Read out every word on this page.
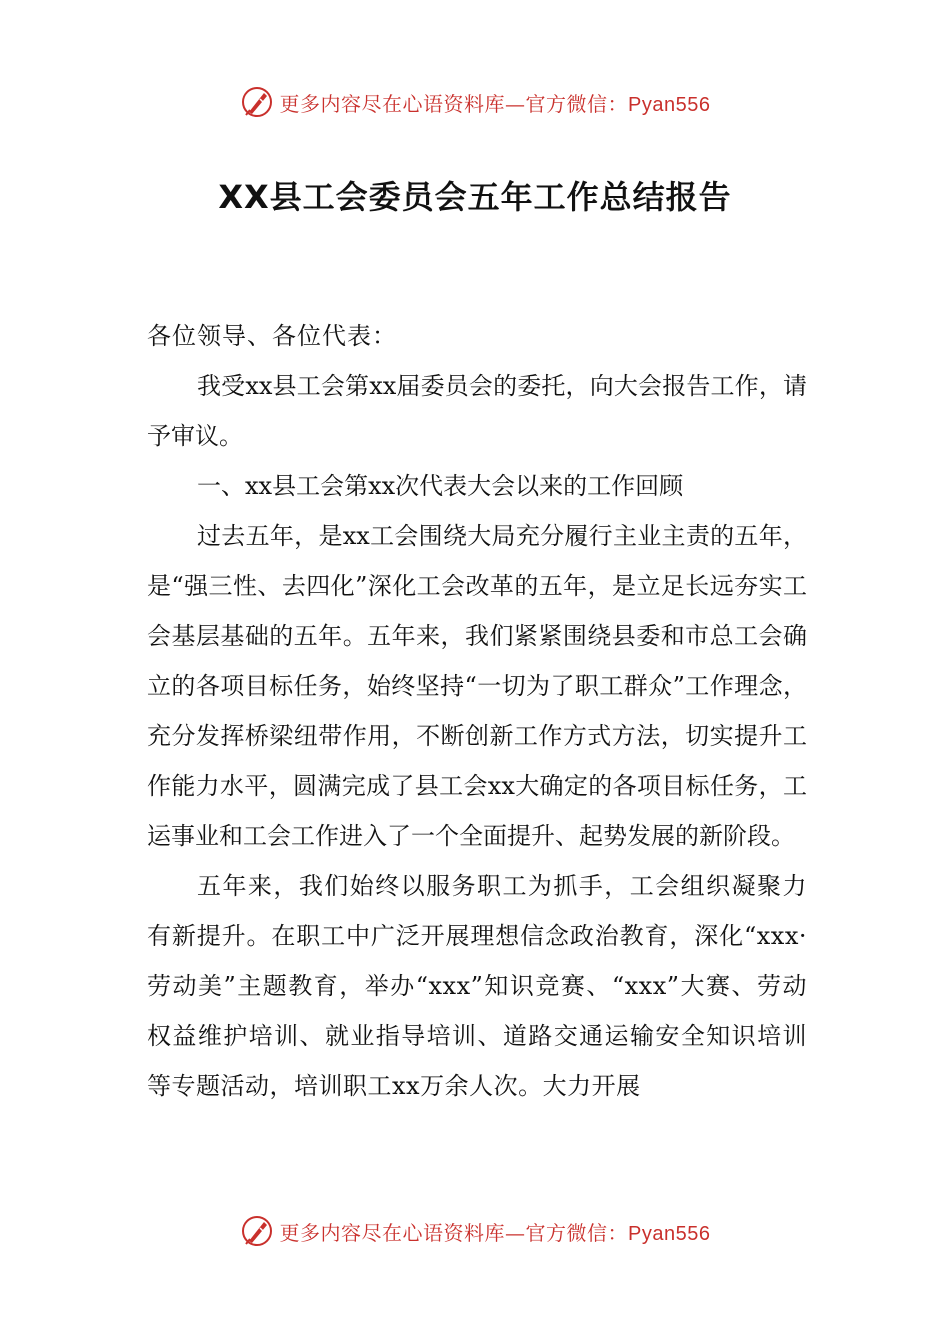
更多内容尽在心语资料库—官方微信：Pyan556
XX县工会委员会五年工作总结报告

各位领导、各位代表：

我受xx县工会第xx届委员会的委托，向大会报告工作，请予审议。

一、xx县工会第xx次代表大会以来的工作回顾

过去五年，是xx工会围绕大局充分履行主业主责的五年，是“强三性、去四化”深化工会改革的五年，是立足长远夯实工会基层基础的五年。五年来，我们紧紧围绕县委和市总工会确立的各项目标任务，始终坚持“一切为了职工群众”工作理念，充分发挥桥梁纽带作用，不断创新工作方式方法，切实提升工作能力水平，圆满完成了县工会xx大确定的各项目标任务，工运事业和工会工作进入了一个全面提升、起势发展的新阶段。

五年来，我们始终以服务职工为抓手，工会组织凝聚力有新提升。在职工中广泛开展理想信念政治教育，深化“xxx·劳动美”主题教育，举办“xxx”知识竞赛、“xxx”大赛、劳动权益维护培训、就业指导培训、道路交通运输安全知识培训等专题活动，培训职工xx万余人次。大力开展

更多内容尽在心语资料库—官方微信：Pyan556
